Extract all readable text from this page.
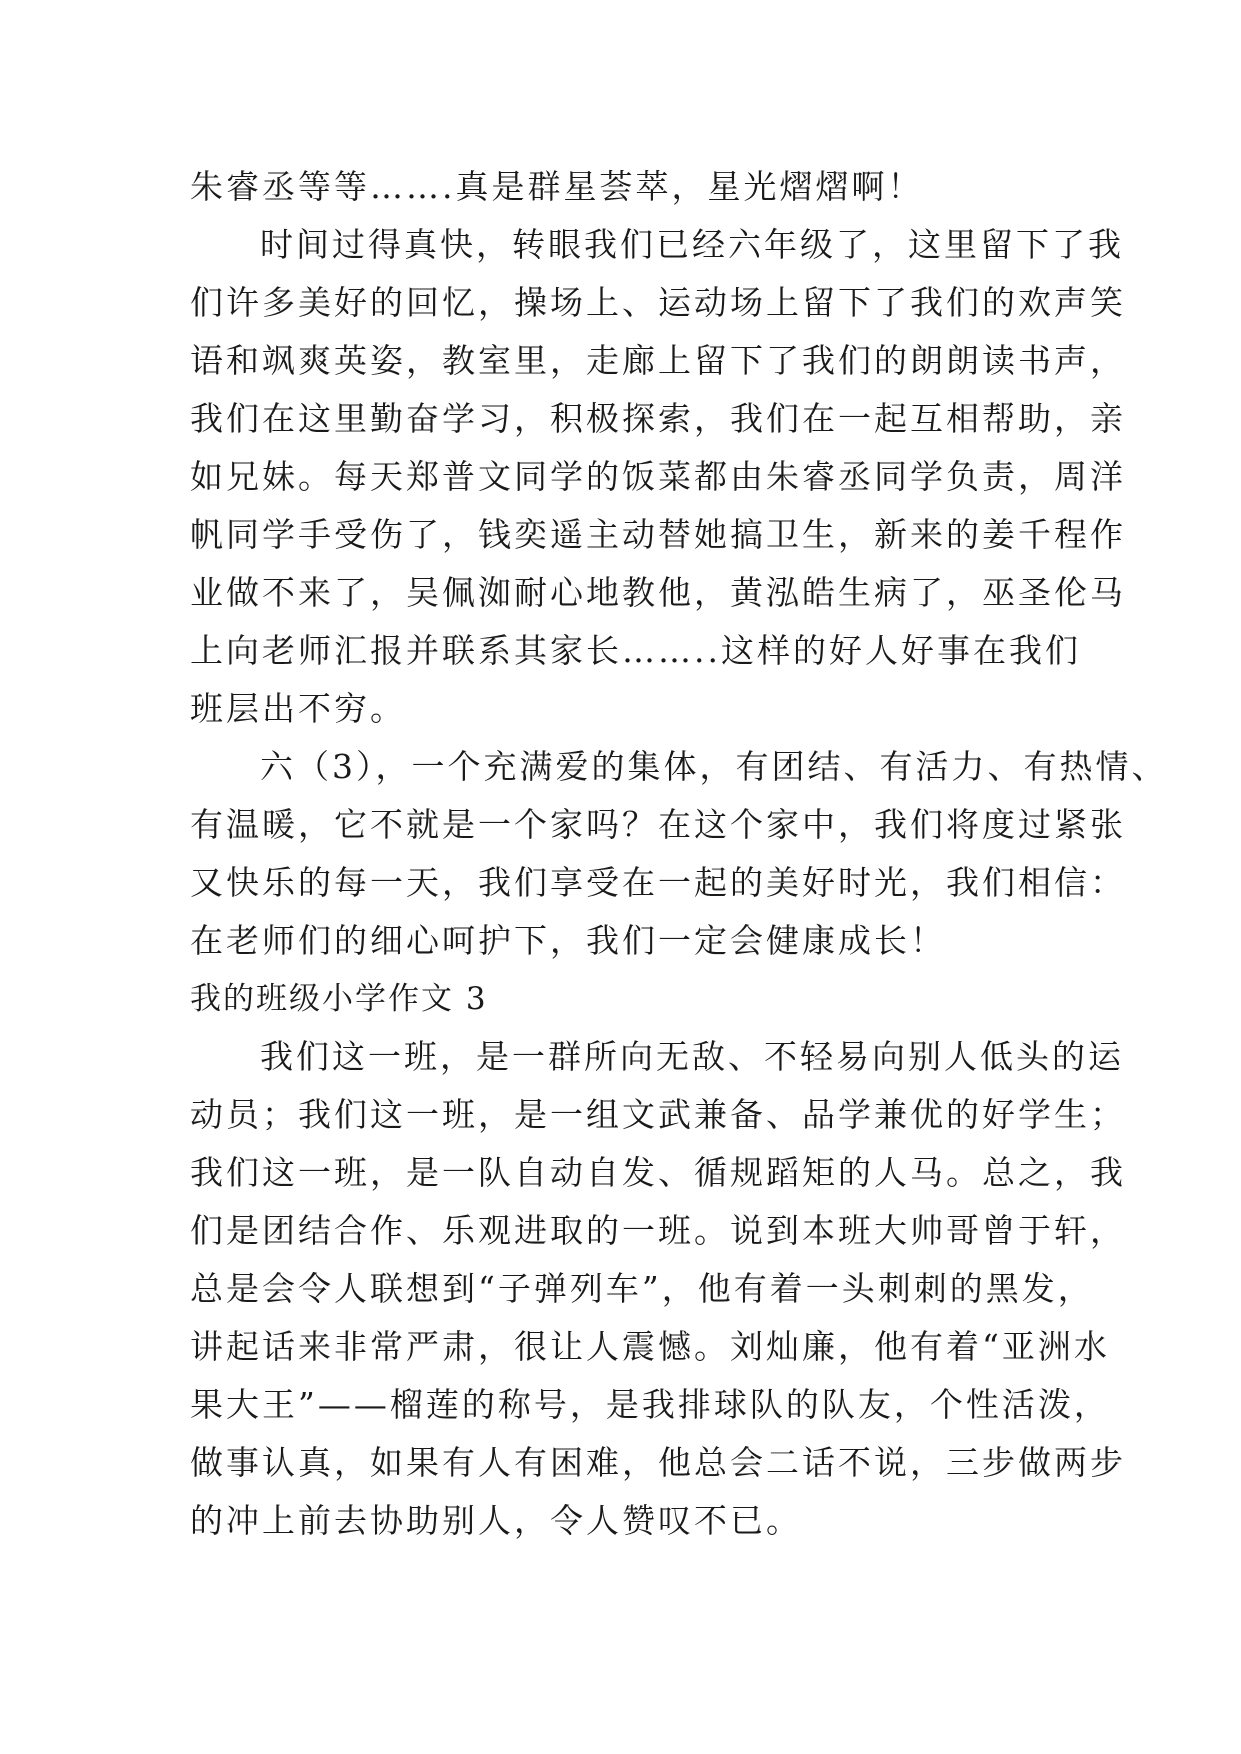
朱睿丞等等…….真是群星荟萃，星光熠熠啊！
时间过得真快，转眼我们已经六年级了，这里留下了我
们许多美好的回忆，操场上、运动场上留下了我们的欢声笑
语和飒爽英姿，教室里，走廊上留下了我们的朗朗读书声，
我们在这里勤奋学习，积极探索，我们在一起互相帮助，亲
如兄妹。每天郑普文同学的饭菜都由朱睿丞同学负责，周洋
帆同学手受伤了，钱奕遥主动替她搞卫生，新来的姜千程作
业做不来了，吴佩洳耐心地教他，黄泓皓生病了，巫圣伦马
上向老师汇报并联系其家长……..这样的好人好事在我们
班层出不穷。
六（3），一个充满爱的集体，有团结、有活力、有热情、
有温暖，它不就是一个家吗？在这个家中，我们将度过紧张
又快乐的每一天，我们享受在一起的美好时光，我们相信：
在老师们的细心呵护下，我们一定会健康成长！
我的班级小学作文 3
我们这一班，是一群所向无敌、不轻易向别人低头的运
动员；我们这一班，是一组文武兼备、品学兼优的好学生；
我们这一班，是一队自动自发、循规蹈矩的人马。总之，我
们是团结合作、乐观进取的一班。说到本班大帅哥曾于轩，
总是会令人联想到“子弹列车”，他有着一头刺刺的黑发，
讲起话来非常严肃，很让人震憾。刘灿廉，他有着“亚洲水
果大王”——榴莲的称号，是我排球队的队友，个性活泼，
做事认真，如果有人有困难，他总会二话不说，三步做两步
的冲上前去协助别人，令人赞叹不已。
